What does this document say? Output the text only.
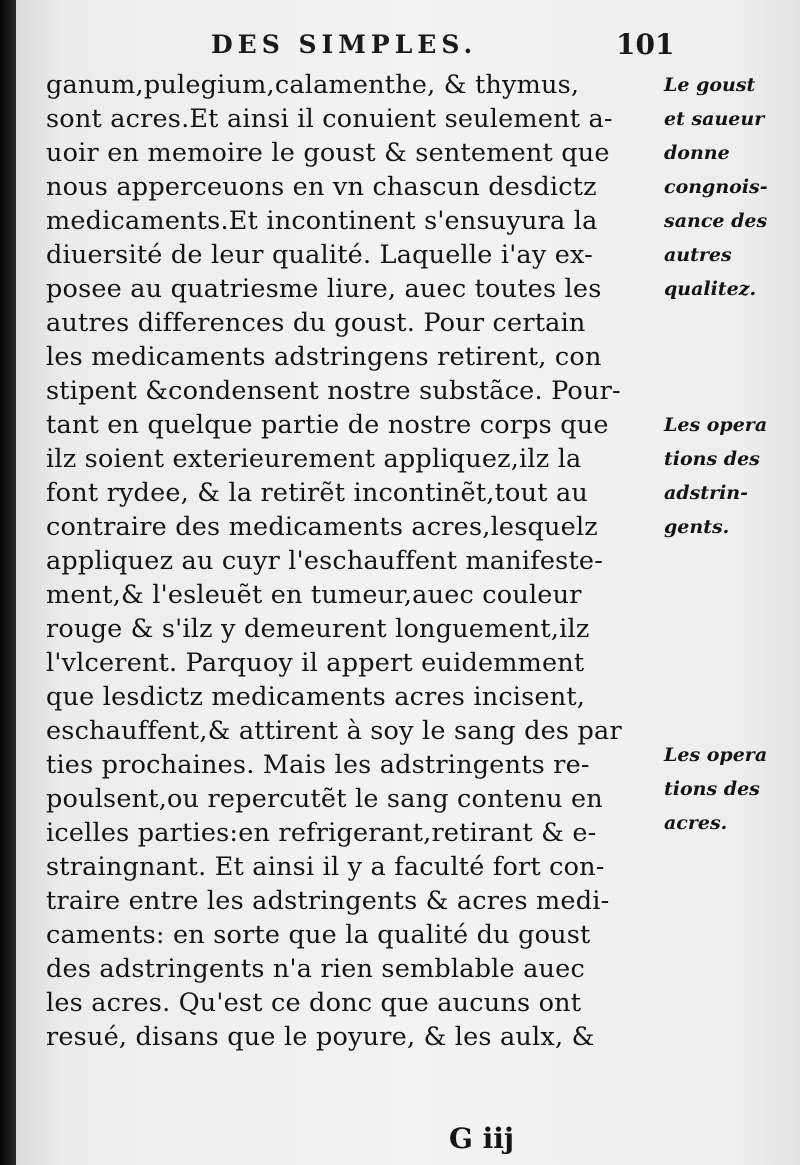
DES SIMPLES.	101
ganum,pulegium,calamenthe, & thymus,
sont acres.Et ainsi il conuient seulement a-
uoir en memoire le goust & sentement que
nous apperceuons en vn chascun desdictz
medicaments.Et incontinent s'ensuyura la
diuersité de leur qualité. Laquelle i'ay ex-
posee au quatriesme liure, auec toutes les
autres differences du goust. Pour certain
les medicaments adstringens retirent, con
stipent &condensent nostre substãce. Pour-
tant en quelque partie de nostre corps que
ilz soient exterieurement appliquez,ilz la
font rydee, & la retirẽt incontinẽt,tout au
contraire des medicaments acres,lesquelz
appliquez au cuyr l'eschauffent manifeste-
ment,& l'esleuẽt en tumeur,auec couleur
rouge & s'ilz y demeurent longuement,ilz
l'vlcerent. Parquoy il appert euidemment
que lesdictz medicaments acres incisent,
eschauffent,& attirent à soy le sang des par
ties prochaines. Mais les adstringents re-
poulsent,ou repercutẽt le sang contenu en
icelles parties:en refrigerant,retirant & e-
straingnant. Et ainsi il y a faculté fort con-
traire entre les adstringents & acres medi-
caments: en sorte que la qualité du goust
des adstringents n'a rien semblable auec
les acres. Qu'est ce donc que aucuns ont
resué, disans que le poyure, & les aulx, &
Le goust
et saueur
donne
congnois-
sance des
autres
qualitez.
Les opera
tions des
adstrin-
gents.
Les opera
tions des
acres.
G iij
